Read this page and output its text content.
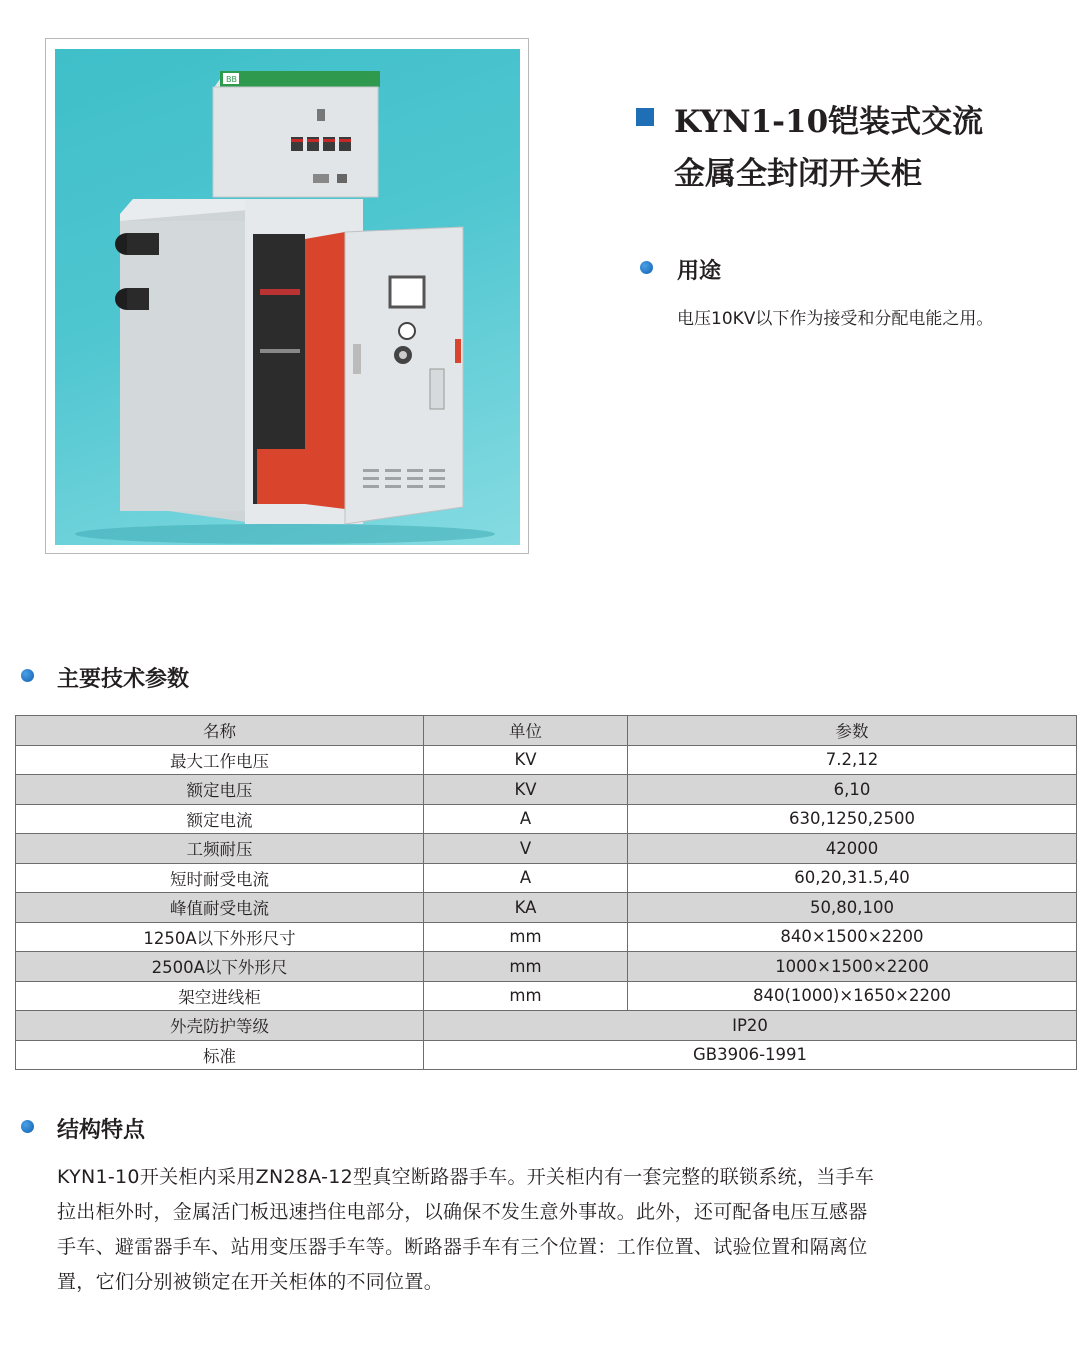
BB
KYN1-10铠装式交流
金属全封闭开关柜
用途
电压10KV以下作为接受和分配电能之用。
主要技术参数
名称	单位	参数
最大工作电压	KV	7.2,12
额定电压	KV	6,10
额定电流	A	630,1250,2500
工频耐压	V	42000
短时耐受电流	A	60,20,31.5,40
峰值耐受电流	KA	50,80,100
1250A以下外形尺寸	mm	840×1500×2200
2500A以下外形尺	mm	1000×1500×2200
架空进线柜	mm	840(1000)×1650×2200
外壳防护等级	IP20	
标准	GB3906-1991	
结构特点

KYN1-10开关柜内采用ZN28A-12型真空断路器手车。开关柜内有一套完整的联锁系统，当手车

拉出柜外时，金属活门板迅速挡住电部分，以确保不发生意外事故。此外，还可配备电压互感器

手车、避雷器手车、站用变压器手车等。断路器手车有三个位置：工作位置、试验位置和隔离位

置，它们分别被锁定在开关柜体的不同位置。
